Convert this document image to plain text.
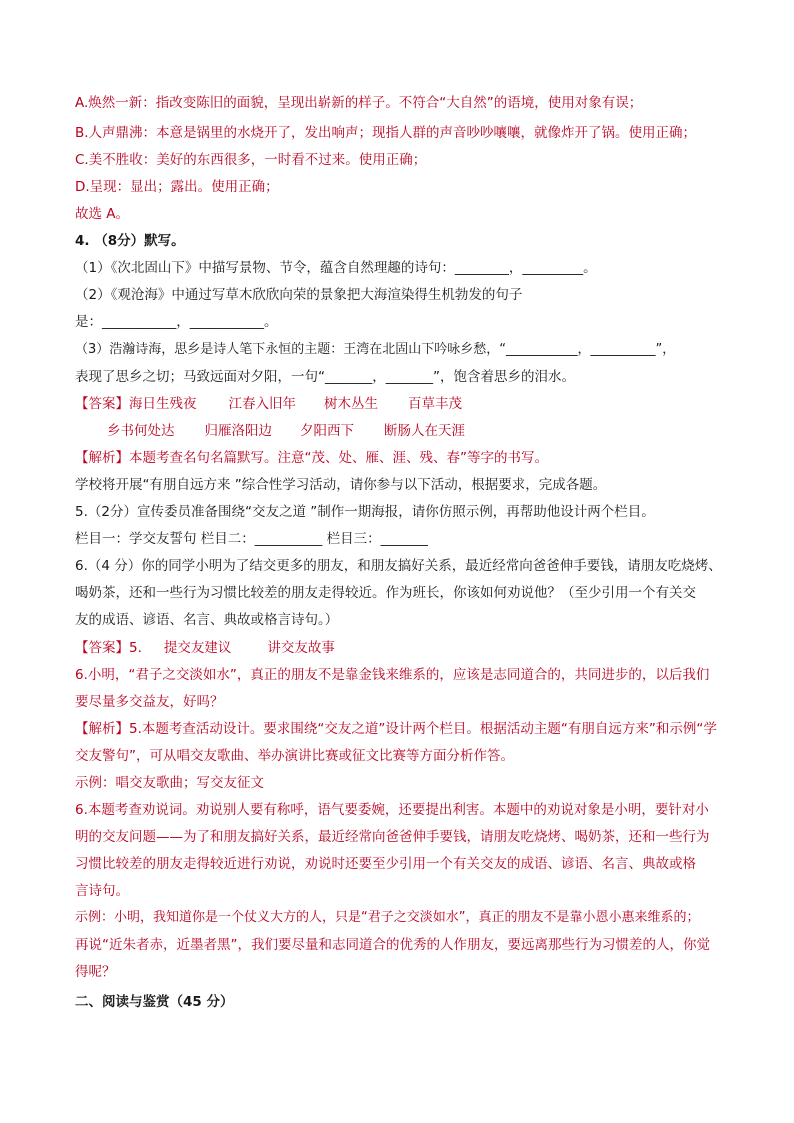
A.焕然一新：指改变陈旧的面貌，呈现出崭新的样子。不符合“大自然”的语境，使用对象有误；
B.人声鼎沸：本意是锅里的水烧开了，发出响声；现指人群的声音吵吵嚷嚷，就像炸开了锅。使用正确；
C.美不胜收：美好的东西很多，一时看不过来。使用正确；
D.呈现：显出；露出。使用正确；
故选 A。
4. （8分）默写。
（1）《次北固山下》中描写景物、节令，蕴含自然理趣的诗句：________，_________。
（2）《观沧海》中通过写草木欣欣向荣的景象把大海渲染得生机勃发的句子
是：___________，___________。
（3）浩瀚诗海，思乡是诗人笔下永恒的主题：王湾在北固山下吟咏乡愁，“___________，__________”，
表现了思乡之切；马致远面对夕阳，一句“_______，_______”，饱含着思乡的泪水。
【答案】海日生残夜 江春入旧年 树木丛生 百草丰茂
乡书何处达 归雁洛阳边 夕阳西下 断肠人在天涯
【解析】本题考查名句名篇默写。注意“茂、处、雁、涯、残、春”等字的书写。
学校将开展“有朋自远方来 ”综合性学习活动，请你参与以下活动，根据要求，完成各题。
5.（2分）宣传委员准备围绕“交友之道 ”制作一期海报，请你仿照示例，再帮助他设计两个栏目。
栏目一：学交友誓句 栏目二：__________ 栏目三：_______
6.（4 分）你的同学小明为了结交更多的朋友，和朋友搞好关系，最近经常向爸爸伸手要钱，请朋友吃烧烤、
喝奶茶，还和一些行为习惯比较差的朋友走得较近。作为班长，你该如何劝说他？（至少引用一个有关交
友的成语、谚语、名言、典故或格言诗句。）
【答案】5. 提交友建议	讲交友故事
6.小明，“君子之交淡如水”，真正的朋友不是靠金钱来维系的，应该是志同道合的，共同进步的，以后我们
要尽量多交益友，好吗？
【解析】5.本题考查活动设计。要求围绕“交友之道”设计两个栏目。根据活动主题“有朋自远方来”和示例“学
交友警句”，可从唱交友歌曲、举办演讲比赛或征文比赛等方面分析作答。
示例：唱交友歌曲；写交友征文
6.本题考查劝说词。劝说别人要有称呼，语气要委婉，还要提出利害。本题中的劝说对象是小明，要针对小
明的交友问题——为了和朋友搞好关系，最近经常向爸爸伸手要钱，请朋友吃烧烤、喝奶茶，还和一些行为
习惯比较差的朋友走得较近进行劝说，劝说时还要至少引用一个有关交友的成语、谚语、名言、典故或格
言诗句。
示例：小明，我知道你是一个仗义大方的人，只是“君子之交淡如水”，真正的朋友不是靠小恩小惠来维系的；
再说“近朱者赤，近墨者黑”，我们要尽量和志同道合的优秀的人作朋友，要远离那些行为习惯差的人，你觉
得呢？
二、阅读与鉴赏（45 分）
